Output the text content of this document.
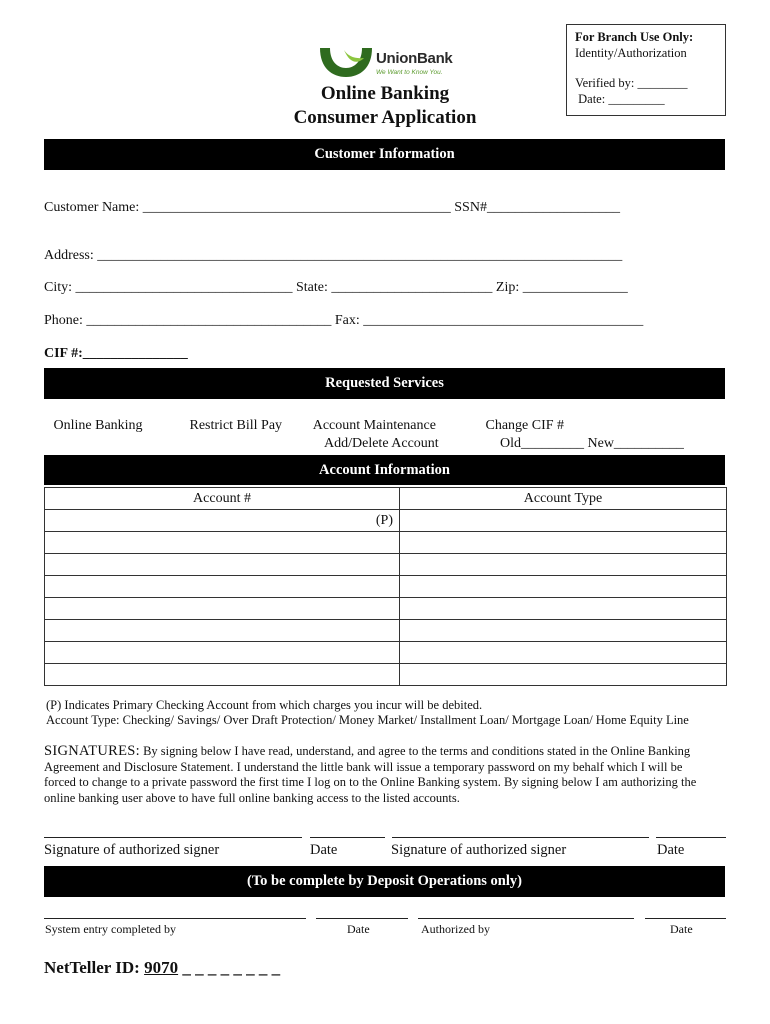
For Branch Use Only:
Identity/Authorization
Verified by: ________
Date: _________
UnionBank
We Want to Know You.
Online Banking
Consumer Application
Customer Information
Customer Name: ____________________________________________ SSN#___________________
Address: ___________________________________________________________________________
City: _______________________________ State: _______________________ Zip: _______________
Phone: ___________________________________ Fax: ________________________________________
CIF #:_______________
Requested Services
Online Banking	Restrict Bill Pay Account Maintenance
Add/Delete Account
Change CIF #
Old_________ New__________
Account Information
Account #	Account Type
(P)	

(P) Indicates Primary Checking Account from which charges you incur will be debited.
Account Type: Checking/ Savings/ Over Draft Protection/ Money Market/ Installment Loan/ Mortgage Loan/ Home Equity Line
SIGNATURES: By signing below I have read, understand, and agree to the terms and conditions stated in the Online Banking
Agreement and Disclosure Statement. I understand the little bank will issue a temporary password on my behalf which I will be
forced to change to a private password the first time I log on to the Online Banking system. By signing below I am authorizing the
online banking user above to have full online banking access to the listed accounts.
Signature of authorized signer	Date	Signature of authorized signer	Date
(To be complete by Deposit Operations only)
System entry completed by	Date	Authorized by	Date
NetTeller ID: 9070 _ _ _ _ _ _ _ _
